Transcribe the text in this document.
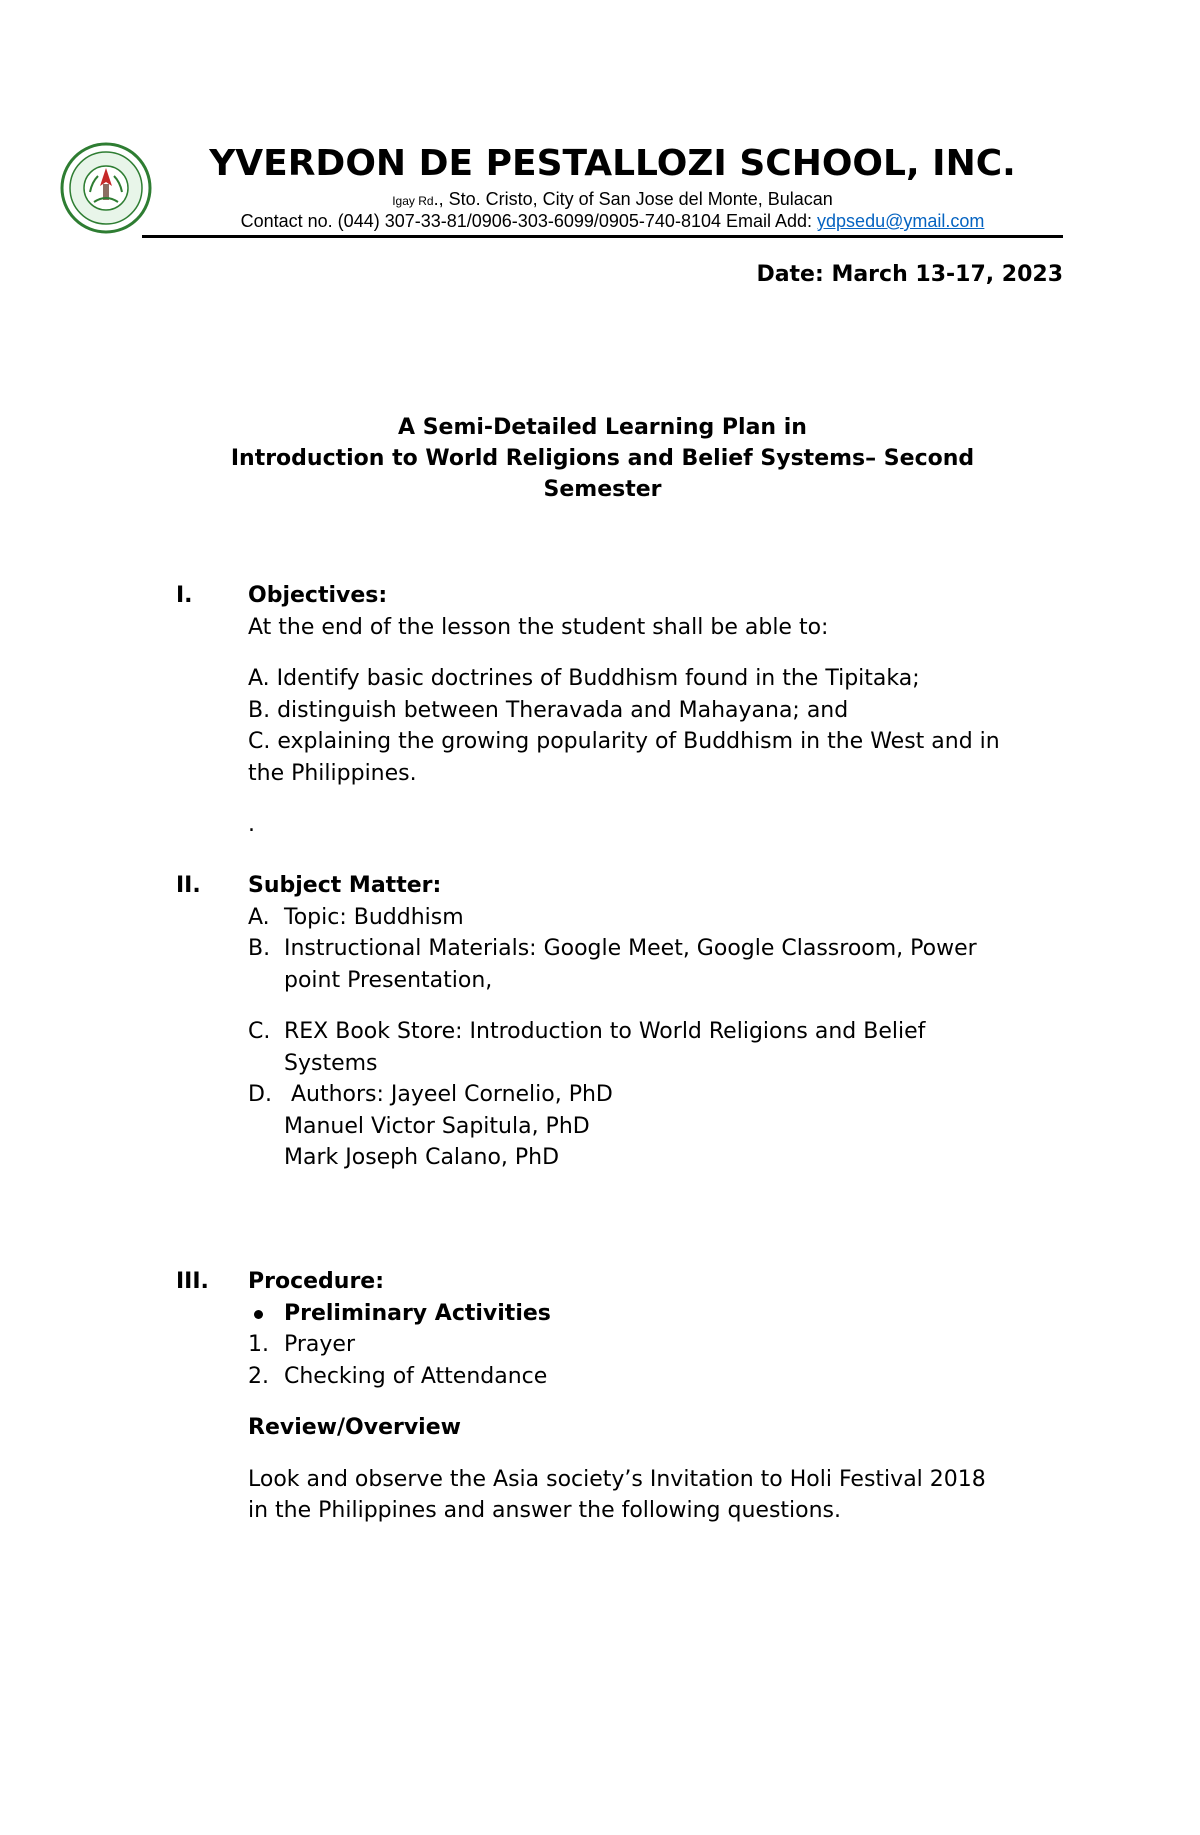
YVERDON DE PESTALLOZI SCHOOL, INC.
Igay Rd., Sto. Cristo, City of San Jose del Monte, Bulacan
Contact no. (044) 307-33-81/0906-303-6099/0905-740-8104 Email Add: ydpsedu@ymail.com
Date: March 13-17, 2023
A Semi-Detailed Learning Plan in
Introduction to World Religions and Belief Systems– Second
Semester
I.	Objectives:
At the end of the lesson the student shall be able to:
A. Identify basic doctrines of Buddhism found in the Tipitaka;
B. distinguish between Theravada and Mahayana; and
C. explaining the growing popularity of Buddhism in the West and in
the Philippines.
.
II. Subject Matter:
A. Topic: Buddhism
B. Instructional Materials: Google Meet, Google Classroom, Power
point Presentation,
C. REX Book Store: Introduction to World Religions and Belief
Systems
D. Authors: Jayeel Cornelio, PhD
Manuel Victor Sapitula, PhD
Mark Joseph Calano, PhD
III. Procedure:
Preliminary Activities
1. Prayer
2. Checking of Attendance
Review/Overview
Look and observe the Asia society’s Invitation to Holi Festival 2018
in the Philippines and answer the following questions.
